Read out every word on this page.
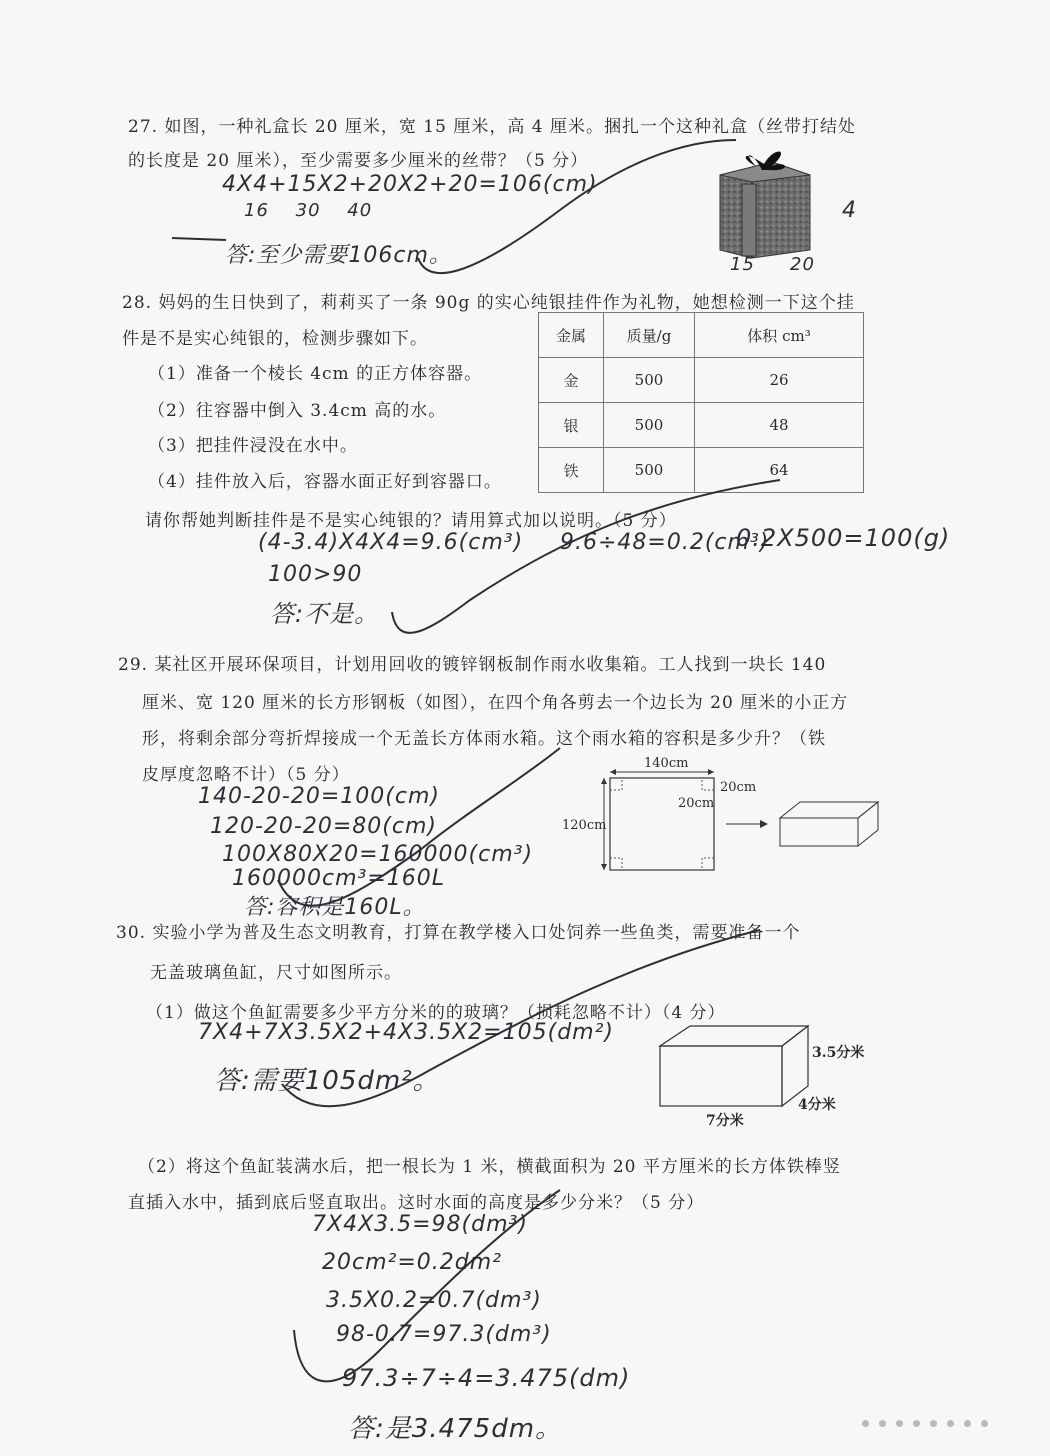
27. 如图，一种礼盒长 20 厘米，宽 15 厘米，高 4 厘米。捆扎一个这种礼盒（丝带打结处
的长度是 20 厘米），至少需要多少厘米的丝带？（5 分）
4X4+15X2+20X2+20=106(cm)
16 30 40
答:至少需要106cm。
4
15 20
28. 妈妈的生日快到了，莉莉买了一条 90g 的实心纯银挂件作为礼物，她想检测一下这个挂
件是不是实心纯银的，检测步骤如下。
（1）准备一个棱长 4cm 的正方体容器。
（2）往容器中倒入 3.4cm 高的水。
（3）把挂件浸没在水中。
（4）挂件放入后，容器水面正好到容器口。
请你帮她判断挂件是不是实心纯银的？请用算式加以说明。（5 分）
金属	质量/g	体积 cm³
金	500	26
银	500	48
铁	500	64
(4-3.4)X4X4=9.6(cm³) 9.6÷48=0.2(cm³)
0.2X500=100(g)
100>90
答:不是。
29. 某社区开展环保项目，计划用回收的镀锌钢板制作雨水收集箱。工人找到一块长 140
厘米、宽 120 厘米的长方形钢板（如图），在四个角各剪去一个边长为 20 厘米的小正方
形，将剩余部分弯折焊接成一个无盖长方体雨水箱。这个雨水箱的容积是多少升？（铁
皮厚度忽略不计）（5 分）
140-20-20=100(cm)
120-20-20=80(cm)
100X80X20=160000(cm³)
160000cm³=160L
答:容积是160L。
140cm
120cm
20cm
20cm
30. 实验小学为普及生态文明教育，打算在教学楼入口处饲养一些鱼类，需要准备一个
无盖玻璃鱼缸，尺寸如图所示。
（1）做这个鱼缸需要多少平方分米的的玻璃？（损耗忽略不计）（4 分）
7X4+7X3.5X2+4X3.5X2=105(dm²)
答:需要105dm²。
3.5分米
4分米
7分米
（2）将这个鱼缸装满水后，把一根长为 1 米，横截面积为 20 平方厘米的长方体铁棒竖
直插入水中，插到底后竖直取出。这时水面的高度是多少分米？（5 分）
7X4X3.5=98(dm³)
20cm²=0.2dm²
3.5X0.2=0.7(dm³)
98-0.7=97.3(dm³)
97.3÷7÷4=3.475(dm)
答:是3.475dm。
